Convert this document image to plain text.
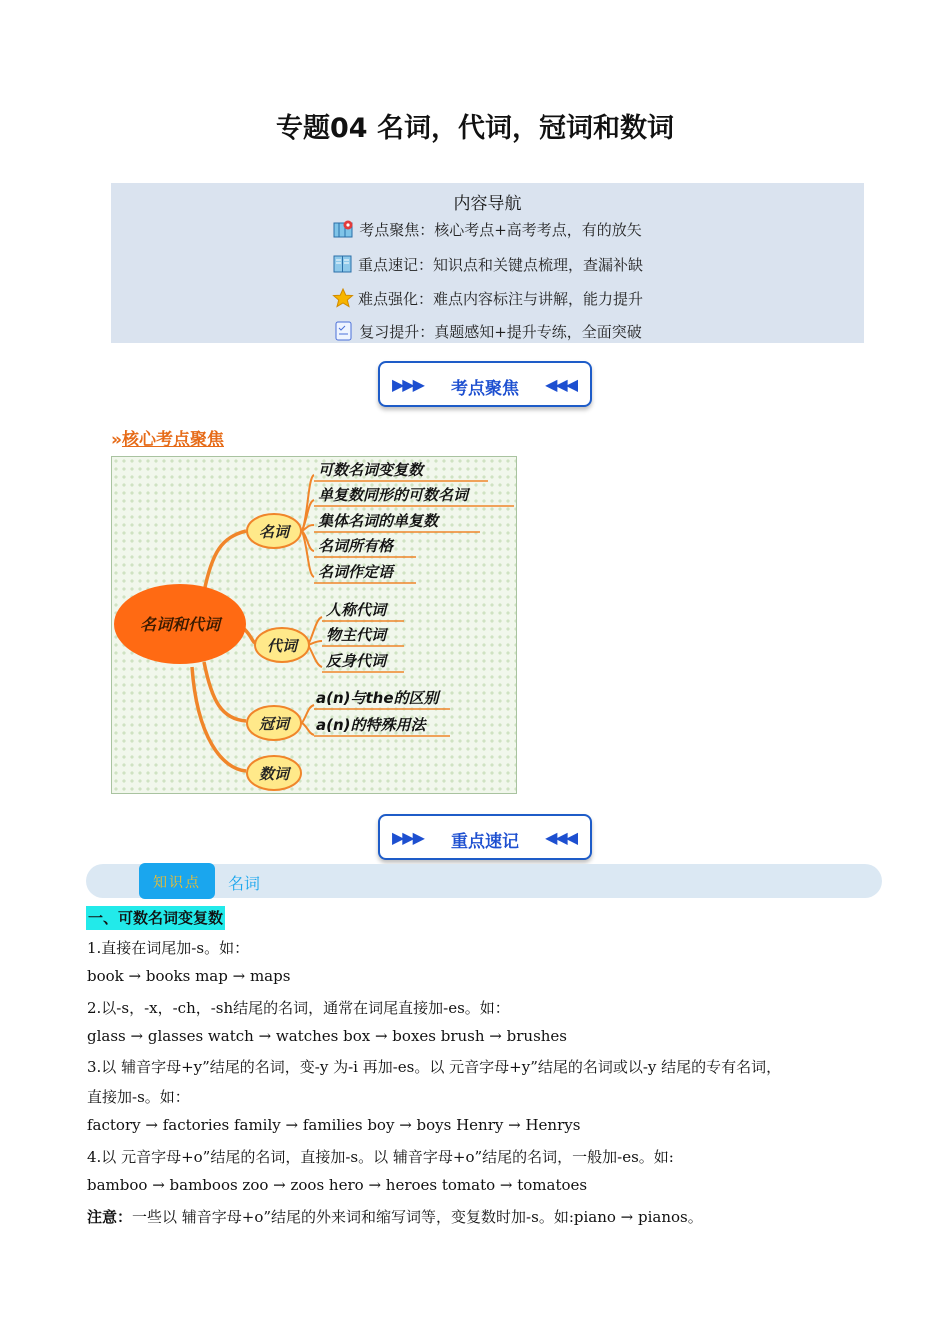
专题04 名词，代词，冠词和数词
内容导航
考点聚焦：核心考点+高考考点，有的放矢
重点速记：知识点和关键点梳理，查漏补缺
难点强化：难点内容标注与讲解，能力提升
复习提升：真题感知+提升专练，全面突破
▶▶▶	考点聚焦	◀◀◀
»核心考点聚焦
名词和代词
名词
代词
冠词
数词
可数名词变复数
单复数同形的可数名词
集体名词的单复数
名词所有格
名词作定语
人称代词
物主代词
反身代词
a(n)与the的区别
a(n)的特殊用法
▶▶▶	重点速记	◀◀◀
知识点	名词
一、可数名词变复数
1.直接在词尾加-s。如：
book → books map → maps
2.以-s，-x，-ch，-sh结尾的名词，通常在词尾直接加-es。如：
glass → glasses watch → watches box → boxes brush → brushes
3.以 辅音字母+y”结尾的名词，变-y 为-i 再加-es。以 元音字母+y”结尾的名词或以-y 结尾的专有名词，
直接加-s。如：
factory → factories family → families boy → boys Henry → Henrys
4.以 元音字母+o”结尾的名词，直接加-s。以 辅音字母+o”结尾的名词，一般加-es。如:
bamboo → bamboos zoo → zoos hero → heroes tomato → tomatoes
注意：一些以 辅音字母+o”结尾的外来词和缩写词等，变复数时加-s。如:piano → pianos。
